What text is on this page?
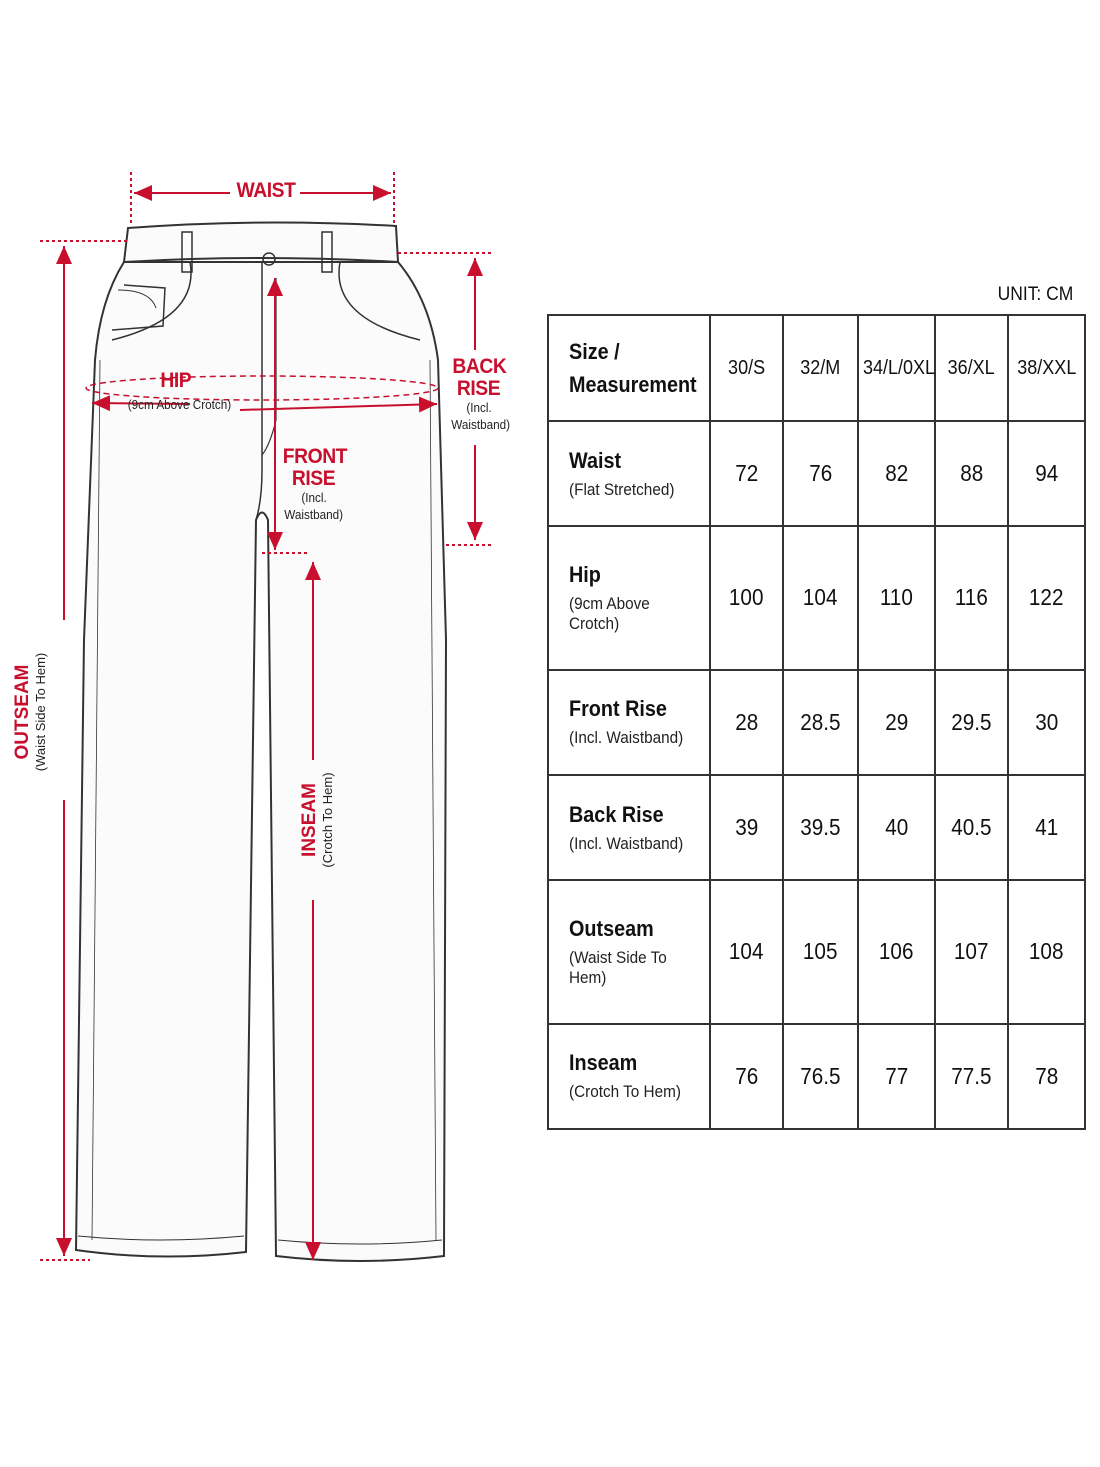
WAIST
HIP
(9cm Above Crotch)
BACK
RISE
(Incl.
Waistband)
FRONT
RISE
(Incl.
Waistband)
OUTSEAM (Waist Side To Hem)
INSEAM (Crotch To Hem)
UNIT: CM
Size /
Measurement	30/S	32/M	34/L/0XL	36/XL	38/XXL

Waist
(Flat Stretched)	72	76	82	88	94

Hip
(9cm Above Crotch)	100	104	110	116	122

Front Rise
(Incl. Waistband)	28	28.5	29	29.5	30

Back Rise
(Incl. Waistband)	39	39.5	40	40.5	41

Outseam
(Waist Side To Hem)	104	105	106	107	108

Inseam
(Crotch To Hem)	76	76.5	77	77.5	78
